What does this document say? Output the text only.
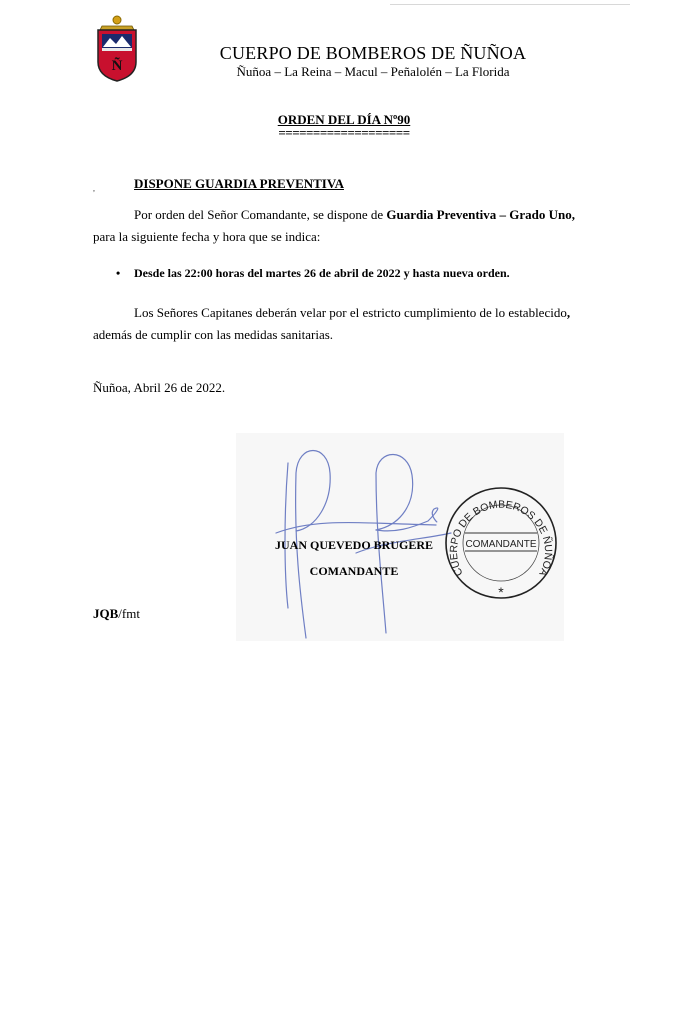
Ñ
CUERPO DE BOMBEROS DE ÑUÑOA
Ñuñoa – La Reina – Macul – Peñalolén – La Florida
ORDEN DEL DÍA Nº90
===================
,	DISPONE GUARDIA PREVENTIVA
Por orden del Señor Comandante, se dispone de Guardia Preventiva – Grado Uno,
para la siguiente fecha y hora que se indica:
• Desde las 22:00 horas del martes 26 de abril de 2022 y hasta nueva orden.
Los Señores Capitanes deberán velar por el estricto cumplimiento de lo establecido,
además de cumplir con las medidas sanitarias.
Ñuñoa, Abril 26 de 2022.
JUAN QUEVEDO BRUGERE
COMANDANTE	CUERPO DE BOMBEROS DE ÑUÑOA
COMANDANTE
*
JQB/fmt
